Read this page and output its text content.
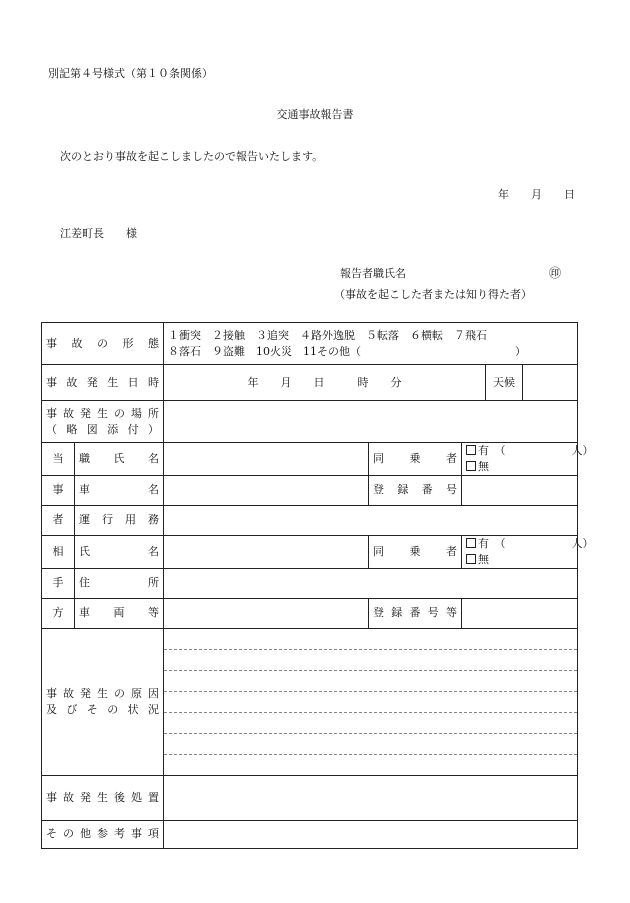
別記第４号様式（第１０条関係）
交通事故報告書
次のとおり事故を起こしましたので報告いたします。
年　　月　　日
江差町長　　様
報告者職氏名	㊞
（事故を起こした者または知り得た者）
事故の形態		１衝突　２接触　３追突　４路外逸脱　５転落　６横転　７飛石
８落石　９盗難　10火災　11その他（　　　　　　　　　　　　　　）				

事故発生日時		年　　月　　日　　　時　　分			天候	

事故発生の場所
（略図添付）						

当	職氏名		同乗者	有　（　　　　　　人）
無		

事	車名		登録番号			
者	運行用務					
相	氏名		同乗者	有　（　　　　　　人）
無		

手	住所					
方	車両等		登録番号等			

事故発生の原因
及びその状況						

事故発生後処置						
その他参考事項						
